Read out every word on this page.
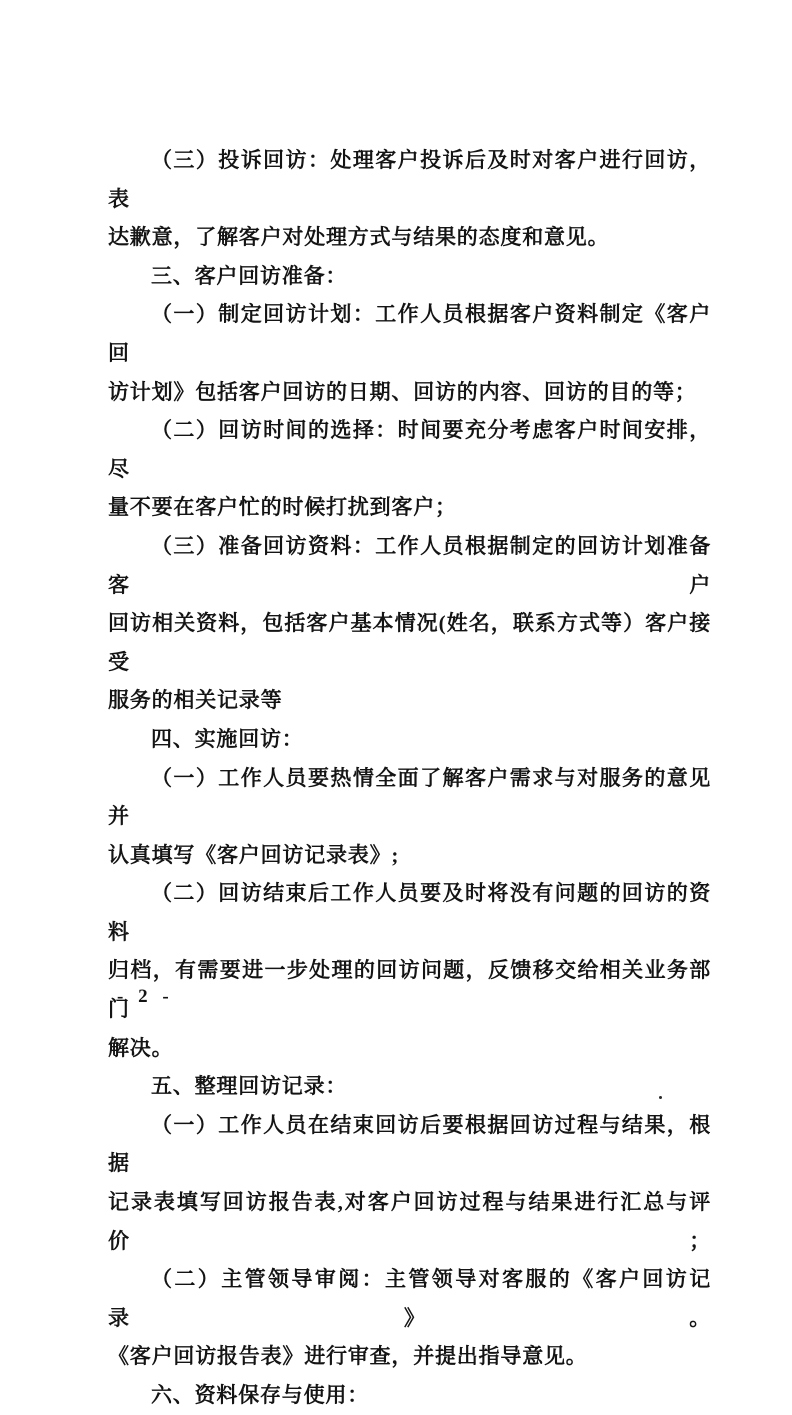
（三）投诉回访：处理客户投诉后及时对客户进行回访，表
达歉意，了解客户对处理方式与结果的态度和意见。
三、客户回访准备：
（一）制定回访计划：工作人员根据客户资料制定《客户回
访计划》包括客户回访的日期、回访的内容、回访的目的等；
（二）回访时间的选择：时间要充分考虑客户时间安排，尽
量不要在客户忙的时候打扰到客户；
（三）准备回访资料：工作人员根据制定的回访计划准备客户
回访相关资料，包括客户基本情况(姓名，联系方式等）客户接受
服务的相关记录等
四、实施回访：
（一）工作人员要热情全面了解客户需求与对服务的意见并
认真填写《客户回访记录表》;
（二）回访结束后工作人员要及时将没有问题的回访的资料
归档，有需要进一步处理的回访问题，反馈移交给相关业务部门
解决。
五、整理回访记录：
（一）工作人员在结束回访后要根据回访过程与结果，根据
记录表填写回访报告表,对客户回访过程与结果进行汇总与评价；
（二）主管领导审阅：主管领导对客服的《客户回访记录》。
《客户回访报告表》进行审查，并提出指导意见。
六、资料保存与使用：
- 2 -
